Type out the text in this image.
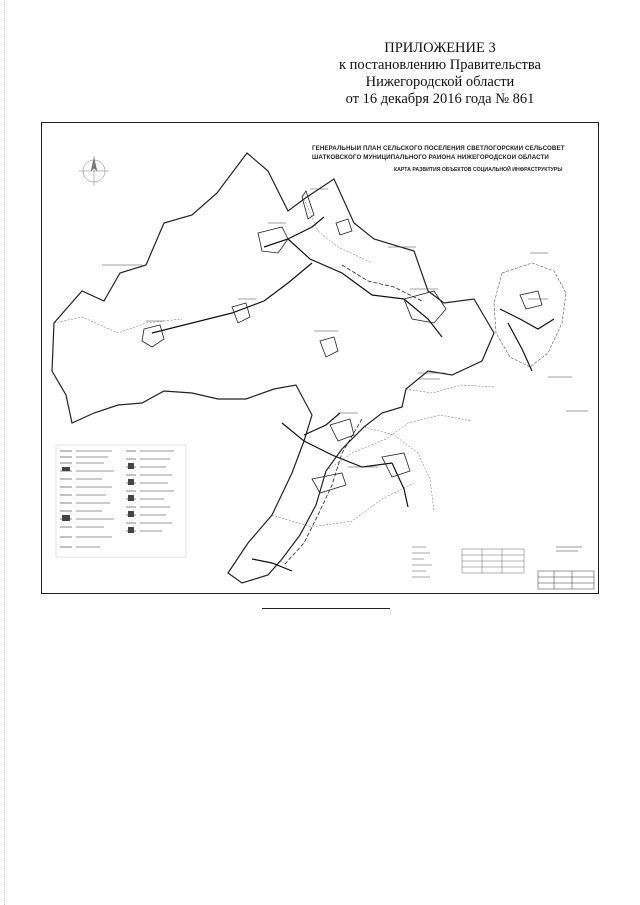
ПРИЛОЖЕНИЕ 3
к постановлению Правительства
Нижегородской области
от 16 декабря 2016 года № 861
ГЕНЕРАЛЬНЫЙ ПЛАН СЕЛЬСКОГО ПОСЕЛЕНИЯ СВЕТЛОГОРСКИЙ СЕЛЬСОВЕТ
ШАТКОВСКОГО МУНИЦИПАЛЬНОГО РАЙОНА НИЖЕГОРОДСКОЙ ОБЛАСТИ
КАРТА РАЗВИТИЯ ОБЪЕКТОВ СОЦИАЛЬНОЙ ИНФРАСТРУКТУРЫ
